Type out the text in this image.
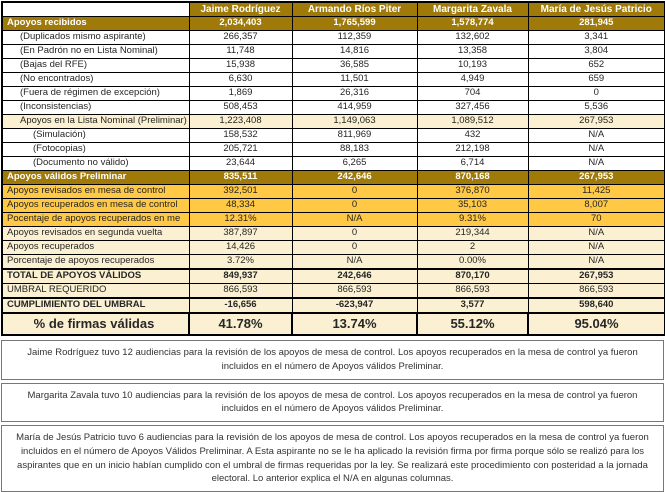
	Jaime Rodríguez	Armando Ríos Piter	Margarita Zavala	María de Jesús Patricio
Apoyos recibidos	2,034,403	1,765,599	1,578,774	281,945
(Duplicados mismo aspirante)	266,357	112,359	132,602	3,341
(En Padrón no en Lista Nominal)	11,748	14,816	13,358	3,804
(Bajas del RFE)	15,938	36,585	10,193	652
(No encontrados)	6,630	11,501	4,949	659
(Fuera de régimen de excepción)	1,869	26,316	704	0
(Inconsistencias)	508,453	414,959	327,456	5,536
Apoyos en la Lista Nominal (Preliminar)	1,223,408	1,149,063	1,089,512	267,953
(Simulación)	158,532	811,969	432	N/A
(Fotocopias)	205,721	88,183	212,198	N/A
(Documento no válido)	23,644	6,265	6,714	N/A
Apoyos válidos Preliminar	835,511	242,646	870,168	267,953
Apoyos revisados en mesa de control	392,501	0	376,870	11,425
Apoyos recuperados en mesa de control	48,334	0	35,103	8,007
Pocentaje de apoyos recuperados en me	12.31%	N/A	9.31%	70
Apoyos revisados en segunda vuelta	387,897	0	219,344	N/A
Apoyos recuperados	14,426	0	2	N/A
Porcentaje de apoyos recuperados	3.72%	N/A	0.00%	N/A
TOTAL DE APOYOS VÁLIDOS	849,937	242,646	870,170	267,953
UMBRAL REQUERIDO	866,593	866,593	866,593	866,593
CUMPLIMIENTO DEL UMBRAL	-16,656	-623,947	3,577	598,640
% de firmas válidas	41.78%	13.74%	55.12%	95.04%
Jaime Rodríguez tuvo 12 audiencias para la revisión de los apoyos de mesa de control. Los apoyos recuperados en la mesa de control ya fueron incluidos en el número de Apoyos válidos Preliminar.
Margarita Zavala tuvo 10 audiencias para la revisión de los apoyos de mesa de control. Los apoyos recuperados en la mesa de control ya fueron incluidos en el número de Apoyos válidos Preliminar.
María de Jesús Patricio tuvo 6 audiencias para la revisión de los apoyos de mesa de control. Los apoyos recuperados en la mesa de control ya fueron incluidos en el número de Apoyos Válidos Preliminar. A Esta aspirante no se le ha aplicado la revisión firma por firma porque sólo se realizó para los aspirantes que en un inicio habían cumplido con el umbral de firmas requeridas por la ley. Se realizará este procedimiento con posteridad a la jornada electoral. Lo anterior explica el N/A en algunas columnas.
